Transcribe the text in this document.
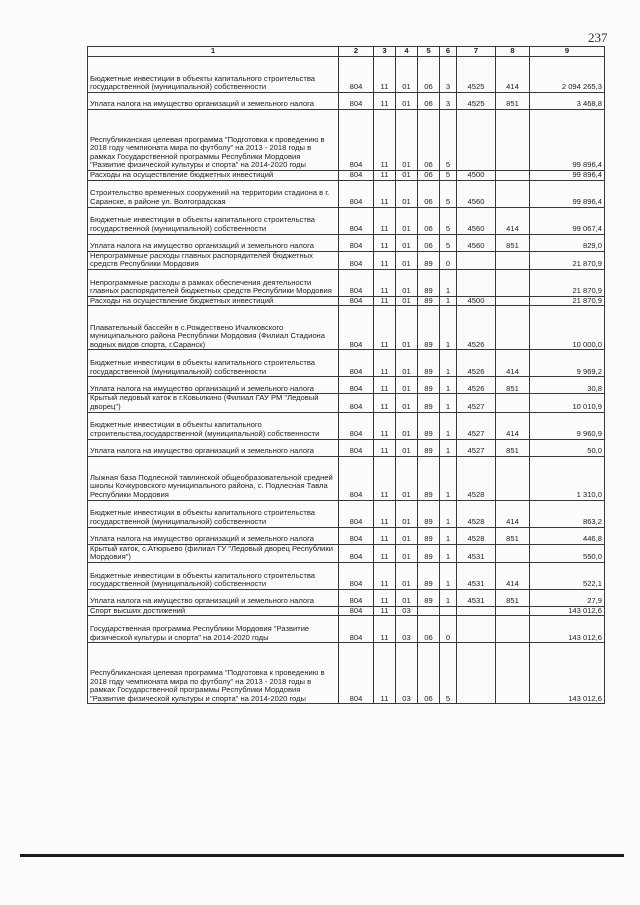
237
1	2	3	4	5	6	7	8	9
Бюджетные инвестиции в объекты капитального строительства государственной (муниципальной) собственности	804	11	01	06	3	4525	414	2 094 265,3
Уплата налога на имущество организаций и земельного налога	804	11	01	06	3	4525	851	3 468,8
Республиканская целевая программа "Подготовка к проведению в 2018 году чемпионата мира по футболу" на 2013 - 2018 годы в рамках Государственной программы Республики Мордовия "Развитие физической культуры и спорта" на 2014-2020 годы	804	11	01	06	5			99 896,4
Расходы на осуществление бюджетных инвестиций	804	11	01	06	5	4500		99 896,4
Строительство временных сооружений на территории стадиона в г. Саранске, в районе ул. Волгоградская	804	11	01	06	5	4560		99 896,4
Бюджетные инвестиции в объекты капитального строительства государственной (муниципальной) собственности	804	11	01	06	5	4560	414	99 067,4
Уплата налога на имущество организаций и земельного налога	804	11	01	06	5	4560	851	829,0
Непрограммные расходы главных распорядителей бюджетных средств Республики Мордовия	804	11	01	89	0			21 870,9
Непрограммные расходы в рамках обеспечения деятельности главных распорядителей бюджетных средств Республики Мордовия	804	11	01	89	1			21 870,9
Расходы на осуществление бюджетных инвестиций	804	11	01	89	1	4500		21 870,9
Плавательный бассейн в с.Рождествено Ичалковского муниципального района Республики Мордовия (Филиал Стадиона водных видов спорта, г.Саранск)	804	11	01	89	1	4526		10 000,0
Бюджетные инвестиции в объекты капитального строительства государственной (муниципальной) собственности	804	11	01	89	1	4526	414	9 969,2
Уплата налога на имущество организаций и земельного налога	804	11	01	89	1	4526	851	30,8
Крытый ледовый каток в г.Ковылкино (Филиал ГАУ РМ "Ледовый дворец")	804	11	01	89	1	4527		10 010,9
Бюджетные инвестиции в объекты капитального строительства,государственной (муниципальной) собственности	804	11	01	89	1	4527	414	9 960,9
Уплата налога на имущество организаций и земельного налога	804	11	01	89	1	4527	851	50,0
Лыжная база Подлесной тавлинской общеобразовательной средней школы Кочкуровского муниципального района, с. Подлесная Тавла Республики Мордовия	804	11	01	89	1	4528		1 310,0
Бюджетные инвестиции в объекты капитального строительства государственной (муниципальной) собственности	804	11	01	89	1	4528	414	863,2
Уплата налога на имущество организаций и земельного налога	804	11	01	89	1	4528	851	446,8
Крытый каток, с.Атюрьево (филиал ГУ "Ледовый дворец Республики Мордовия")	804	11	01	89	1	4531		550,0
Бюджетные инвестиции в объекты капитального строительства государственной (муниципальной) собственности	804	11	01	89	1	4531	414	522,1
Уплата налога на имущество организаций и земельного налога	804	11	01	89	1	4531	851	27,9
Спорт высших достижений	804	11	03					143 012,6
Государственная программа Республики Мордовия "Развитие физической культуры и спорта" на 2014-2020 годы	804	11	03	06	0			143 012,6
Республиканская целевая программа "Подготовка к проведению в 2018 году чемпионата мира по футболу" на 2013 - 2018 годы в рамках Государственной программы Республики Мордовия "Развитие физической культуры и спорта" на 2014-2020 годы	804	11	03	06	5			143 012,6
